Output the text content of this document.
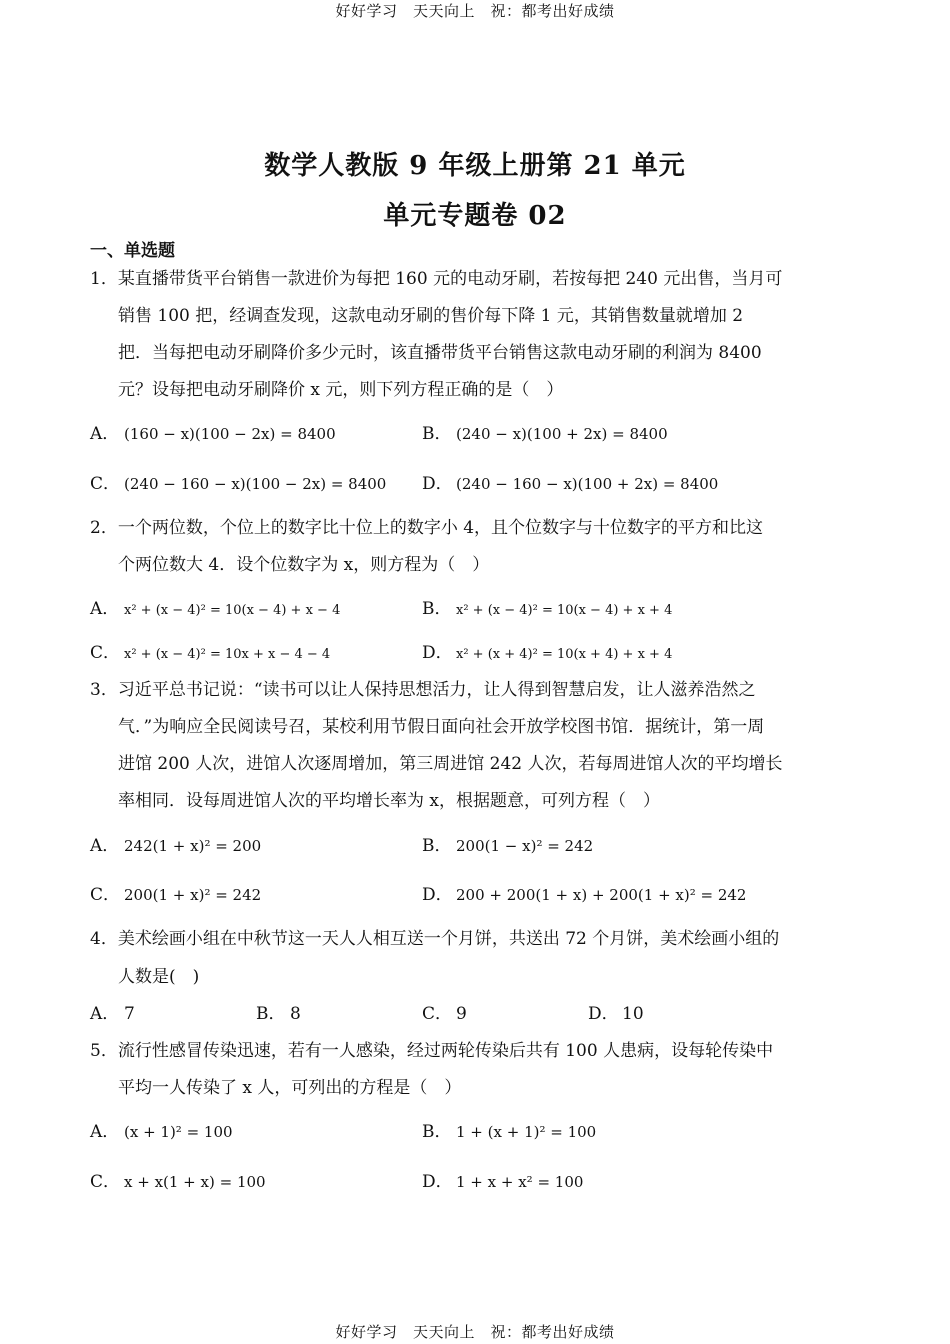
好好学习　天天向上　祝：都考出好成绩
数学人教版 9 年级上册第 21 单元
单元专题卷 02
一、单选题
1．某直播带货平台销售一款进价为每把 160 元的电动牙刷，若按每把 240 元出售，当月可
销售 100 把，经调查发现，这款电动牙刷的售价每下降 1 元，其销售数量就增加 2
把．当每把电动牙刷降价多少元时，该直播带货平台销售这款电动牙刷的利润为 8400
元？设每把电动牙刷降价 x 元，则下列方程正确的是（　）
A． (160 − x)(100 − 2x) = 8400	B． (240 − x)(100 + 2x) = 8400
C． (240 − 160 − x)(100 − 2x) = 8400 D． (240 − 160 − x)(100 + 2x) = 8400
2．一个两位数，个位上的数字比十位上的数字小 4，且个位数字与十位数字的平方和比这
个两位数大 4．设个位数字为 x，则方程为（　）
A． x² + (x − 4)² = 10(x − 4) + x − 4	B． x² + (x − 4)² = 10(x − 4) + x + 4
C． x² + (x − 4)² = 10x + x − 4 − 4	D． x² + (x + 4)² = 10(x + 4) + x + 4
3．习近平总书记说：“读书可以让人保持思想活力，让人得到智慧启发，让人滋养浩然之
气．”为响应全民阅读号召，某校利用节假日面向社会开放学校图书馆．据统计，第一周
进馆 200 人次，进馆人次逐周增加，第三周进馆 242 人次，若每周进馆人次的平均增长
率相同．设每周进馆人次的平均增长率为 x，根据题意，可列方程（　）
A． 242(1 + x)² = 200	B． 200(1 − x)² = 242
C． 200(1 + x)² = 242	D． 200 + 200(1 + x) + 200(1 + x)² = 242
4．美术绘画小组在中秋节这一天人人相互送一个月饼，共送出 72 个月饼，美术绘画小组的
人数是(　)
A． 7	B． 8	C． 9	D． 10
5．流行性感冒传染迅速，若有一人感染，经过两轮传染后共有 100 人患病，设每轮传染中
平均一人传染了 x 人，可列出的方程是（　）
A． (x + 1)² = 100	B． 1 + (x + 1)² = 100
C． x + x(1 + x) = 100	D． 1 + x + x² = 100
好好学习　天天向上　祝：都考出好成绩
